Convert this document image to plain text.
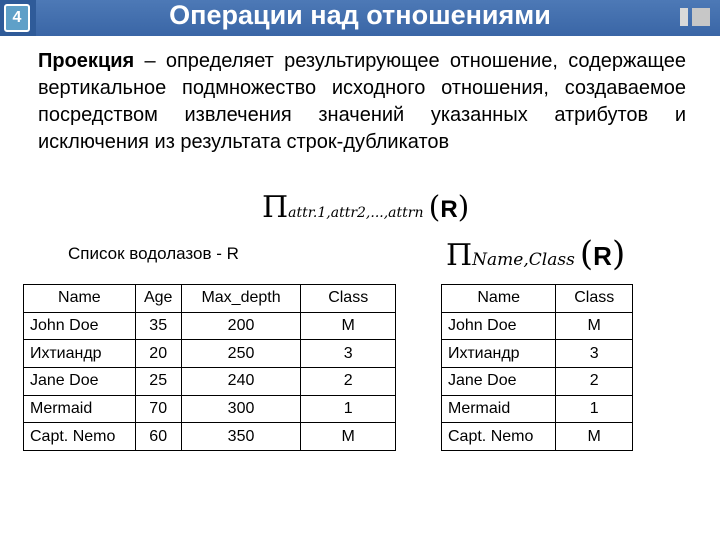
4	Операции над отношениями
Проекция – определяет результирующее отношение, содержащее вертикальное подмножество исходного отношения, создаваемое посредством извлечения значений указанных атрибутов и исключения из результата строк-дубликатов
Πattr.1,attr2,...,attrn (R)
Список водолазов - R	ΠName,Class (R)
Name	Age	Max_depth	Class
John Doe	35	200	M
Ихтиандр	20	250	3
Jane Doe	25	240	2
Mermaid	70	300	1
Capt. Nemo	60	350	M
Name	Class
John Doe	M
Ихтиандр	3
Jane Doe	2
Mermaid	1
Capt. Nemo	M
